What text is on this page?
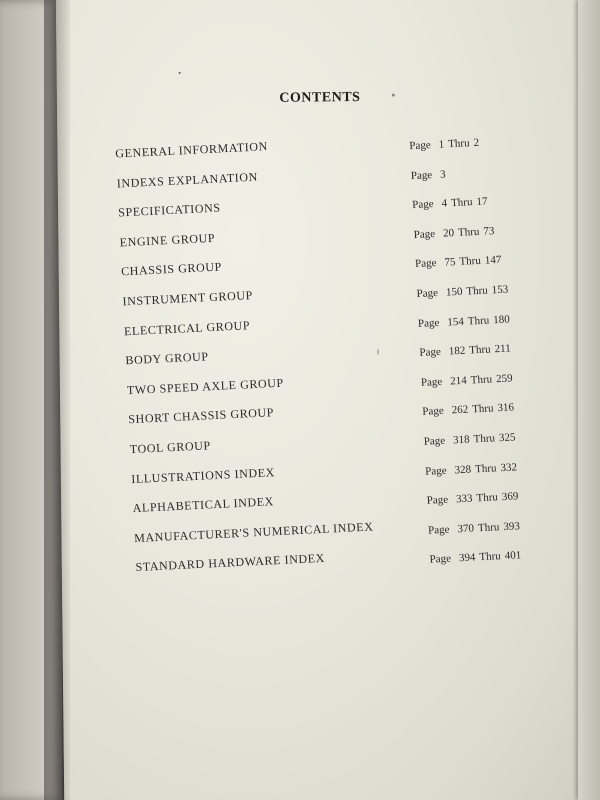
CONTENTS
GENERAL INFORMATION	Page 1 Thru 2
INDEXS EXPLANATION	Page 3
SPECIFICATIONS	Page 4 Thru 17
ENGINE GROUP	Page 20 Thru 73
CHASSIS GROUP	Page 75 Thru 147
INSTRUMENT GROUP	Page 150 Thru 153
ELECTRICAL GROUP	Page 154 Thru 180
BODY GROUP	Page 182 Thru 211
TWO SPEED AXLE GROUP	Page 214 Thru 259
SHORT CHASSIS GROUP	Page 262 Thru 316
TOOL GROUP	Page 318 Thru 325
ILLUSTRATIONS INDEX	Page 328 Thru 332
ALPHABETICAL INDEX	Page 333 Thru 369
MANUFACTURER'S NUMERICAL INDEX	Page 370 Thru 393
STANDARD HARDWARE INDEX	Page 394 Thru 401
